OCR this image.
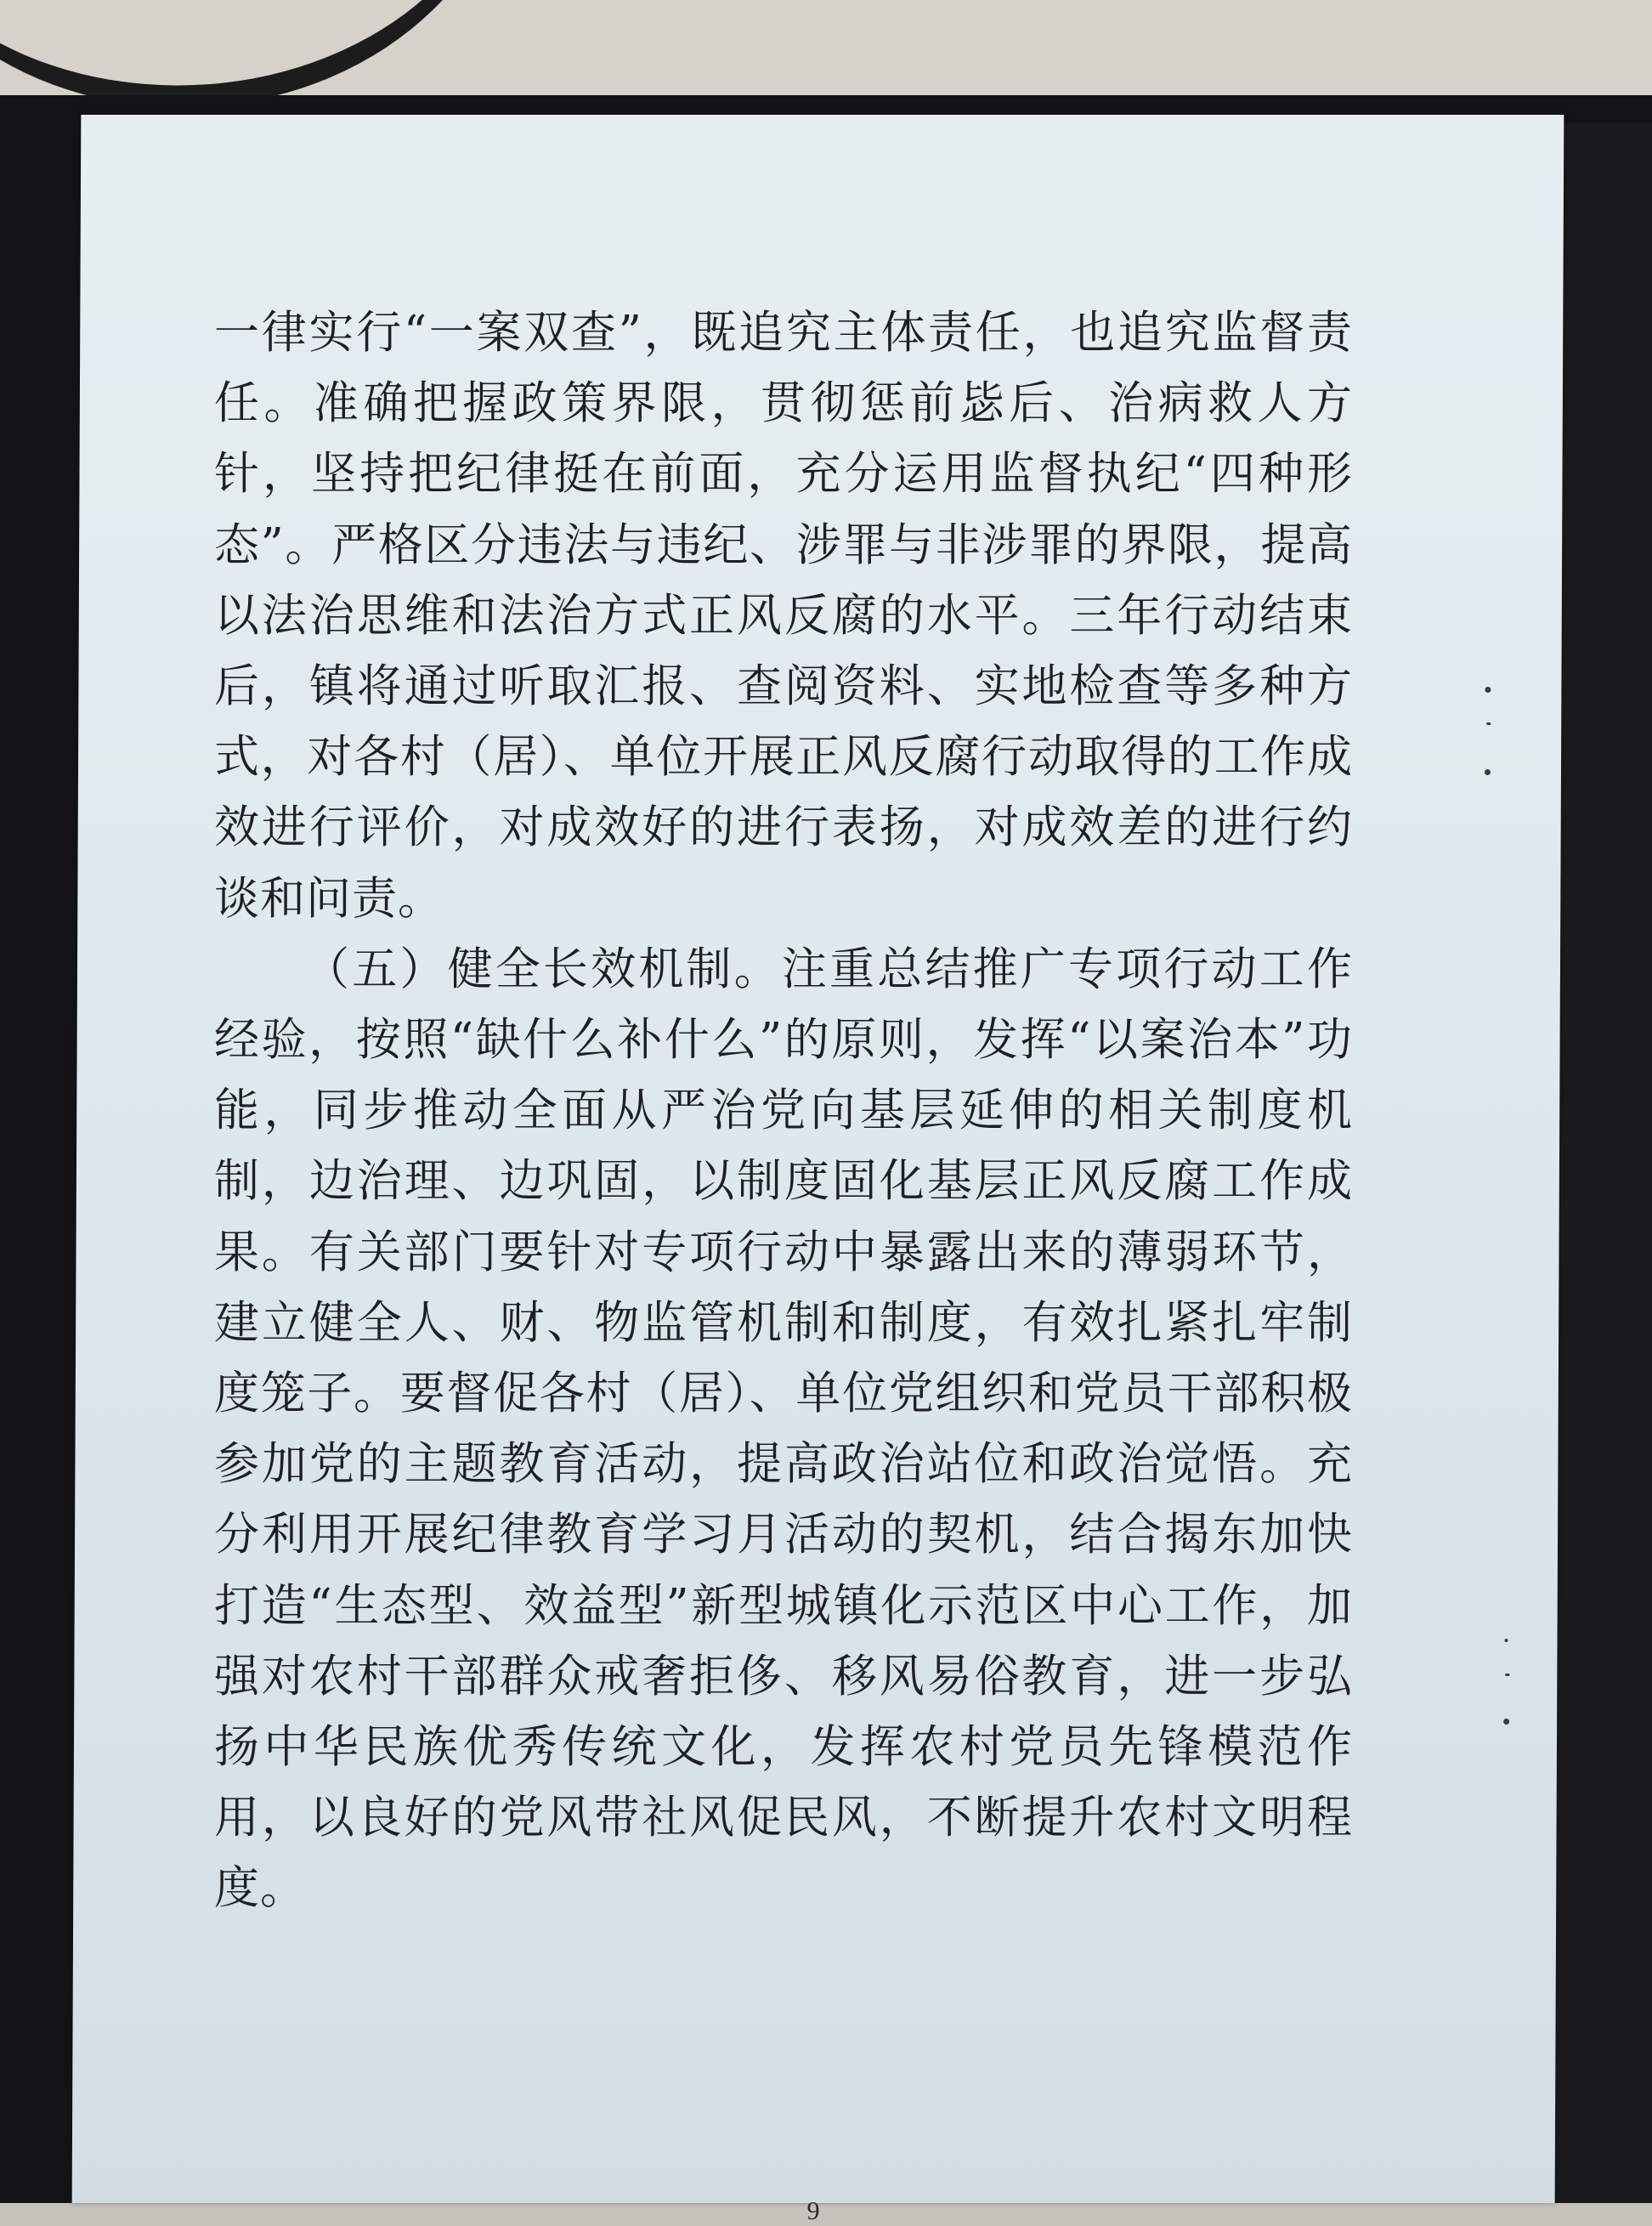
9

一律实行“一案双查”，既追究主体责任，也追究监督责任。准确把握政策界限，贯彻惩前毖后、治病救人方针，坚持把纪律挺在前面，充分运用监督执纪“四种形态”。严格区分违法与违纪、涉罪与非涉罪的界限，提高以法治思维和法治方式正风反腐的水平。三年行动结束后，镇将通过听取汇报、查阅资料、实地检查等多种方式，对各村（居）、单位开展正风反腐行动取得的工作成效进行评价，对成效好的进行表扬，对成效差的进行约谈和问责。

（五）健全长效机制。注重总结推广专项行动工作经验，按照“缺什么补什么”的原则，发挥“以案治本”功能，同步推动全面从严治党向基层延伸的相关制度机制，边治理、边巩固，以制度固化基层正风反腐工作成果。有关部门要针对专项行动中暴露出来的薄弱环节，建立健全人、财、物监管机制和制度，有效扎紧扎牢制度笼子。要督促各村（居）、单位党组织和党员干部积极参加党的主题教育活动，提高政治站位和政治觉悟。充分利用开展纪律教育学习月活动的契机，结合揭东加快打造“生态型、效益型”新型城镇化示范区中心工作，加强对农村干部群众戒奢拒侈、移风易俗教育，进一步弘扬中华民族优秀传统文化，发挥农村党员先锋模范作用，以良好的党风带社风促民风，不断提升农村文明程度。
